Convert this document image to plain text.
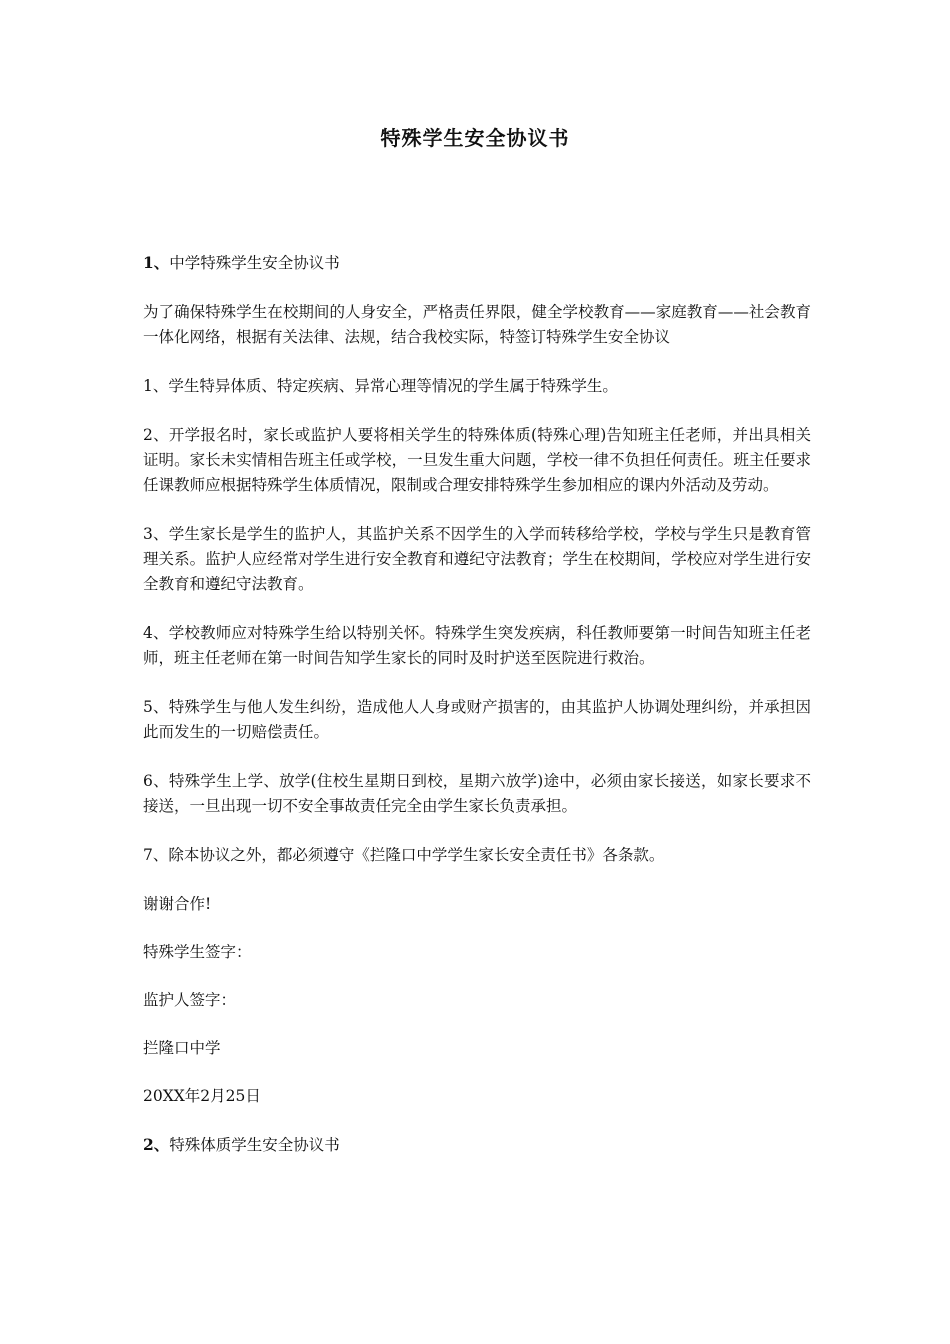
特殊学生安全协议书

1、中学特殊学生安全协议书

为了确保特殊学生在校期间的人身安全，严格责任界限，健全学校教育——家庭教育——社会教育一体化网络，根据有关法律、法规，结合我校实际，特签订特殊学生安全协议

1、学生特异体质、特定疾病、异常心理等情况的学生属于特殊学生。

2、开学报名时，家长或监护人要将相关学生的特殊体质(特殊心理)告知班主任老师，并出具相关证明。家长未实情相告班主任或学校，一旦发生重大问题，学校一律不负担任何责任。班主任要求任课教师应根据特殊学生体质情况，限制或合理安排特殊学生参加相应的课内外活动及劳动。

3、学生家长是学生的监护人，其监护关系不因学生的入学而转移给学校，学校与学生只是教育管理关系。监护人应经常对学生进行安全教育和遵纪守法教育；学生在校期间，学校应对学生进行安全教育和遵纪守法教育。

4、学校教师应对特殊学生给以特别关怀。特殊学生突发疾病，科任教师要第一时间告知班主任老师，班主任老师在第一时间告知学生家长的同时及时护送至医院进行救治。

5、特殊学生与他人发生纠纷，造成他人人身或财产损害的，由其监护人协调处理纠纷，并承担因此而发生的一切赔偿责任。

6、特殊学生上学、放学(住校生星期日到校，星期六放学)途中，必须由家长接送，如家长要求不接送，一旦出现一切不安全事故责任完全由学生家长负责承担。

7、除本协议之外，都必须遵守《拦隆口中学学生家长安全责任书》各条款。

谢谢合作!

特殊学生签字：

监护人签字：

拦隆口中学

20XX年2月25日

2、特殊体质学生安全协议书
